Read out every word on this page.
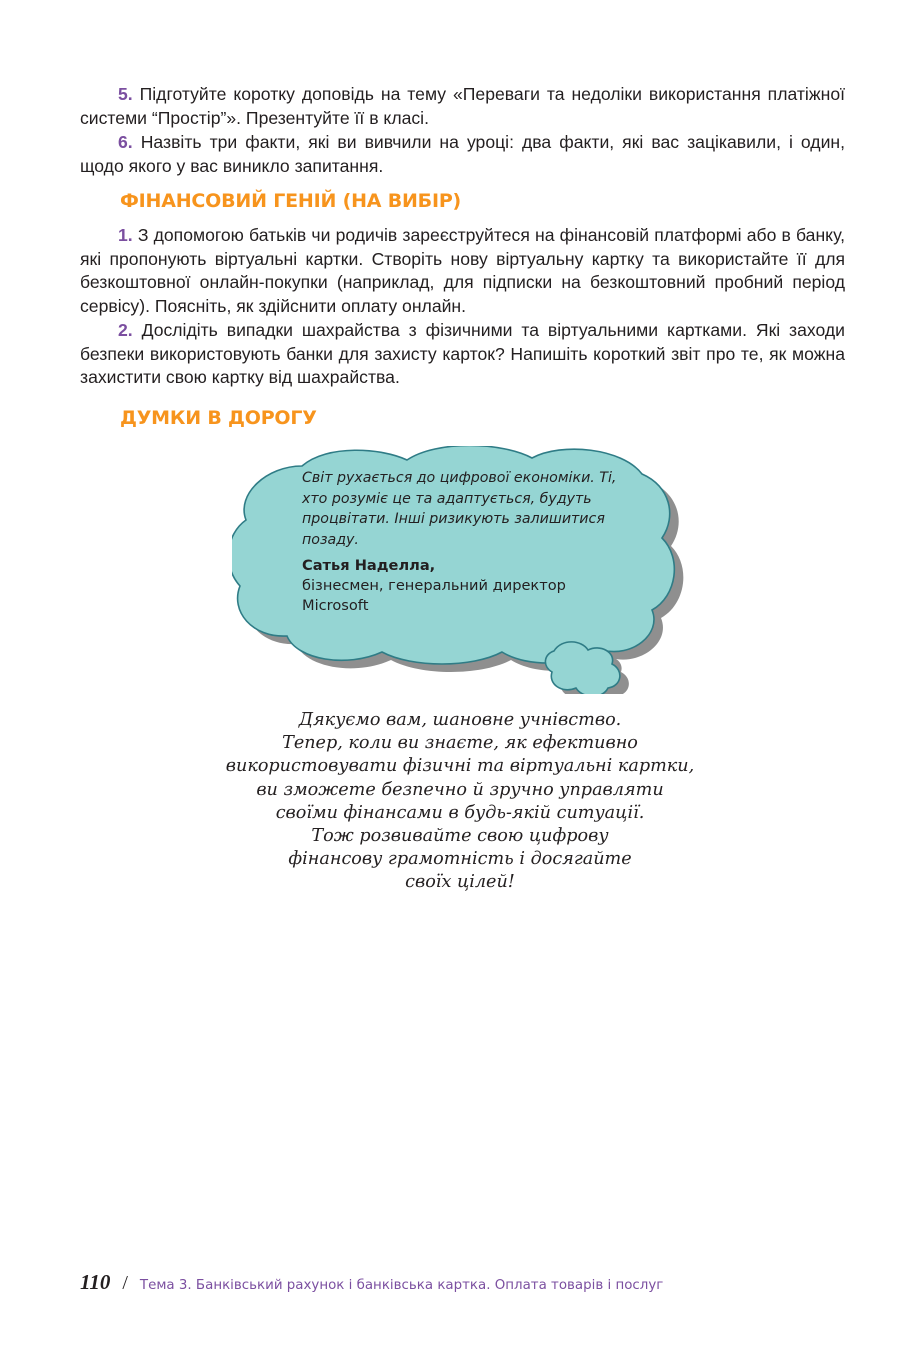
5. Підготуйте коротку доповідь на тему «Переваги та недоліки використання платіжної системи “Простір”». Презентуйте її в класі.

6. Назвіть три факти, які ви вивчили на уроці: два факти, які вас зацікавили, і один, щодо якого у вас виникло запитання.

ФІНАНСОВИЙ ГЕНІЙ (НА ВИБІР)

1. З допомогою батьків чи родичів зареєструйтеся на фінансовій платформі або в банку, які пропонують віртуальні картки. Створіть нову віртуальну картку та використайте її для безкоштовної онлайн-покупки (наприклад, для підписки на безкоштовний пробний період сервісу). Поясніть, як здійснити оплату онлайн.

2. Дослідіть випадки шахрайства з фізичними та віртуальними картками. Які заходи безпеки використовують банки для захисту карток? Напишіть короткий звіт про те, як можна захистити свою картку від шахрайства.

ДУМКИ В ДОРОГУ

Світ рухається до цифрової економіки. Ті, хто розуміє це та адаптується, будуть процвітати. Інші ризикують залишитися позаду.

Сатья Наделла,

бізнесмен, генеральний директор Microsoft

Дякуємо вам, шановне учнівство.
Тепер, коли ви знаєте, як ефективно
використовувати фізичні та віртуальні картки,
ви зможете безпечно й зручно управляти
своїми фінансами в будь-якій ситуації.
Тож розвивайте свою цифрову
фінансову грамотність і досягайте
своїх цілей!

110 / Тема 3. Банківський рахунок і банківська картка. Оплата товарів і послуг
